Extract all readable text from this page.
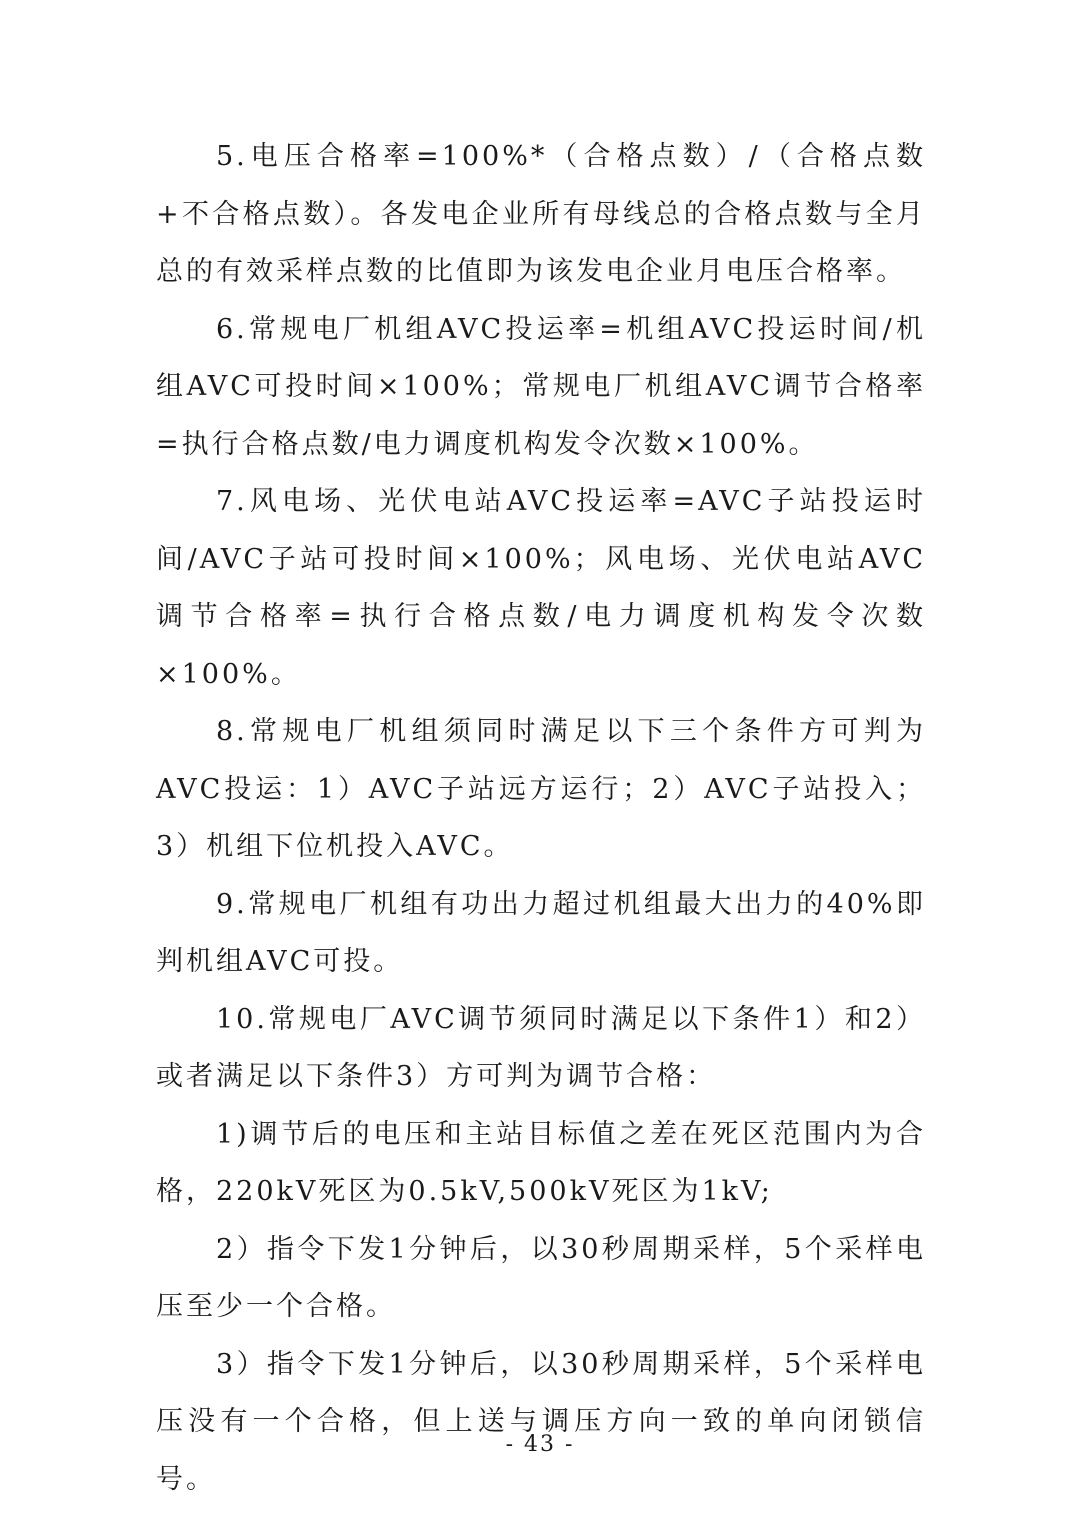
5.电压合格率=100%*（合格点数）/（合格点数+不合格点数）。各发电企业所有母线总的合格点数与全月总的有效采样点数的比值即为该发电企业月电压合格率。

6.常规电厂机组AVC投运率=机组AVC投运时间/机组AVC可投时间×100%；常规电厂机组AVC调节合格率=执行合格点数/电力调度机构发令次数×100%。

7.风电场、光伏电站AVC投运率=AVC子站投运时间/AVC子站可投时间×100%；风电场、光伏电站AVC调节合格率=执行合格点数/电力调度机构发令次数×100%。

8.常规电厂机组须同时满足以下三个条件方可判为AVC投运：1）AVC子站远方运行；2）AVC子站投入；3）机组下位机投入AVC。

9.常规电厂机组有功出力超过机组最大出力的40%即判机组AVC可投。

10.常规电厂AVC调节须同时满足以下条件1）和2）或者满足以下条件3）方可判为调节合格：

1)调节后的电压和主站目标值之差在死区范围内为合格，220kV死区为0.5kV,500kV死区为1kV;

2）指令下发1分钟后，以30秒周期采样，5个采样电压至少一个合格。

3）指令下发1分钟后，以30秒周期采样，5个采样电压没有一个合格，但上送与调压方向一致的单向闭锁信号。

- 43 -
